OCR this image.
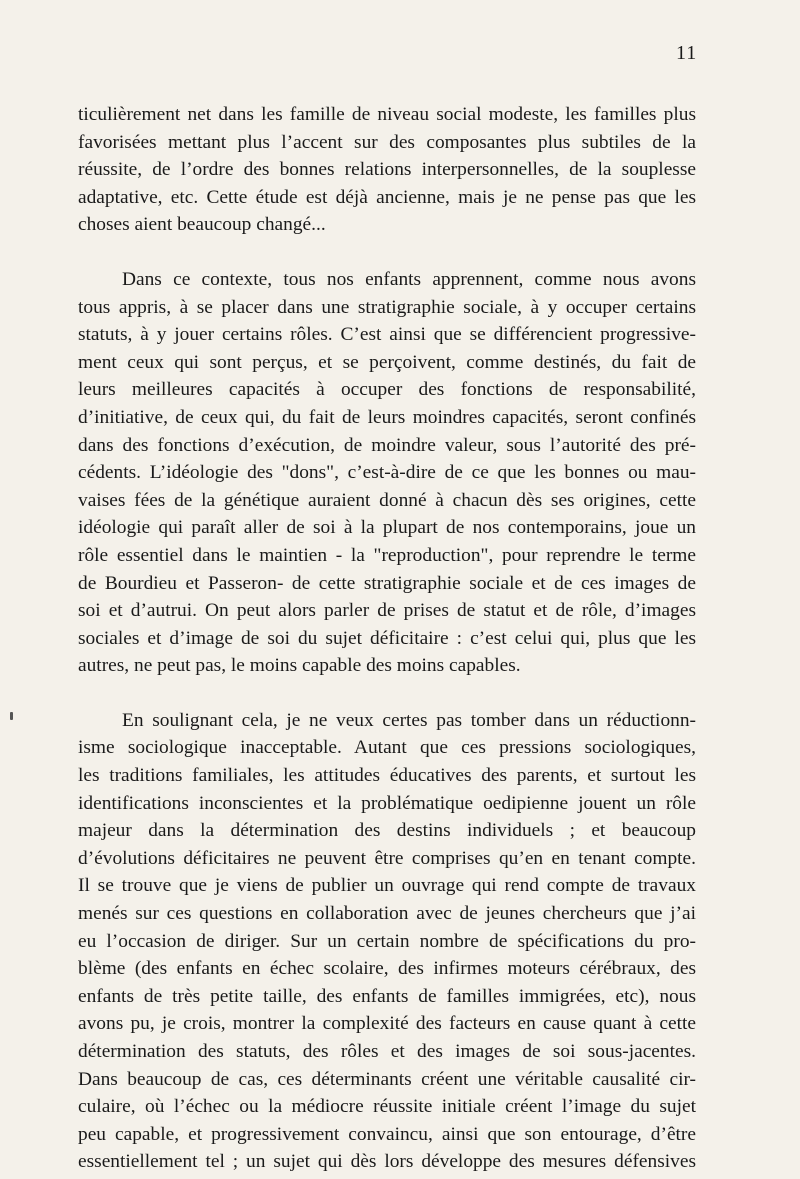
11

ticulièrement net dans les famille de niveau social modeste, les familles plus
favorisées mettant plus l’accent sur des composantes plus subtiles de la
réussite, de l’ordre des bonnes relations interpersonnelles, de la souplesse
adaptative, etc. Cette étude est déjà ancienne, mais je ne pense pas que les
choses aient beaucoup changé...

Dans ce contexte, tous nos enfants apprennent, comme nous avons
tous appris, à se placer dans une stratigraphie sociale, à y occuper certains
statuts, à y jouer certains rôles. C’est ainsi que se différencient progressive-
ment ceux qui sont perçus, et se perçoivent, comme destinés, du fait de
leurs meilleures capacités à occuper des fonctions de responsabilité,
d’initiative, de ceux qui, du fait de leurs moindres capacités, seront confinés
dans des fonctions d’exécution, de moindre valeur, sous l’autorité des pré-
cédents. L’idéologie des "dons", c’est-à-dire de ce que les bonnes ou mau-
vaises fées de la génétique auraient donné à chacun dès ses origines, cette
idéologie qui paraît aller de soi à la plupart de nos contemporains, joue un
rôle essentiel dans le maintien - la "reproduction", pour reprendre le terme
de Bourdieu et Passeron- de cette stratigraphie sociale et de ces images de
soi et d’autrui. On peut alors parler de prises de statut et de rôle, d’images
sociales et d’image de soi du sujet déficitaire : c’est celui qui, plus que les
autres, ne peut pas, le moins capable des moins capables.

En soulignant cela, je ne veux certes pas tomber dans un réductionn-
isme sociologique inacceptable. Autant que ces pressions sociologiques,
les traditions familiales, les attitudes éducatives des parents, et surtout les
identifications inconscientes et la problématique oedipienne jouent un rôle
majeur dans la détermination des destins individuels ; et beaucoup
d’évolutions déficitaires ne peuvent être comprises qu’en en tenant compte.
Il se trouve que je viens de publier un ouvrage qui rend compte de travaux
menés sur ces questions en collaboration avec de jeunes chercheurs que j’ai
eu l’occasion de diriger. Sur un certain nombre de spécifications du pro-
blème (des enfants en échec scolaire, des infirmes moteurs cérébraux, des
enfants de très petite taille, des enfants de familles immigrées, etc), nous
avons pu, je crois, montrer la complexité des facteurs en cause quant à cette
détermination des statuts, des rôles et des images de soi sous-jacentes.
Dans beaucoup de cas, ces déterminants créent une véritable causalité cir-
culaire, où l’échec ou la médiocre réussite initiale créent l’image du sujet
peu capable, et progressivement convaincu, ainsi que son entourage, d’être
essentiellement tel ; un sujet qui dès lors développe des mesures défensives
